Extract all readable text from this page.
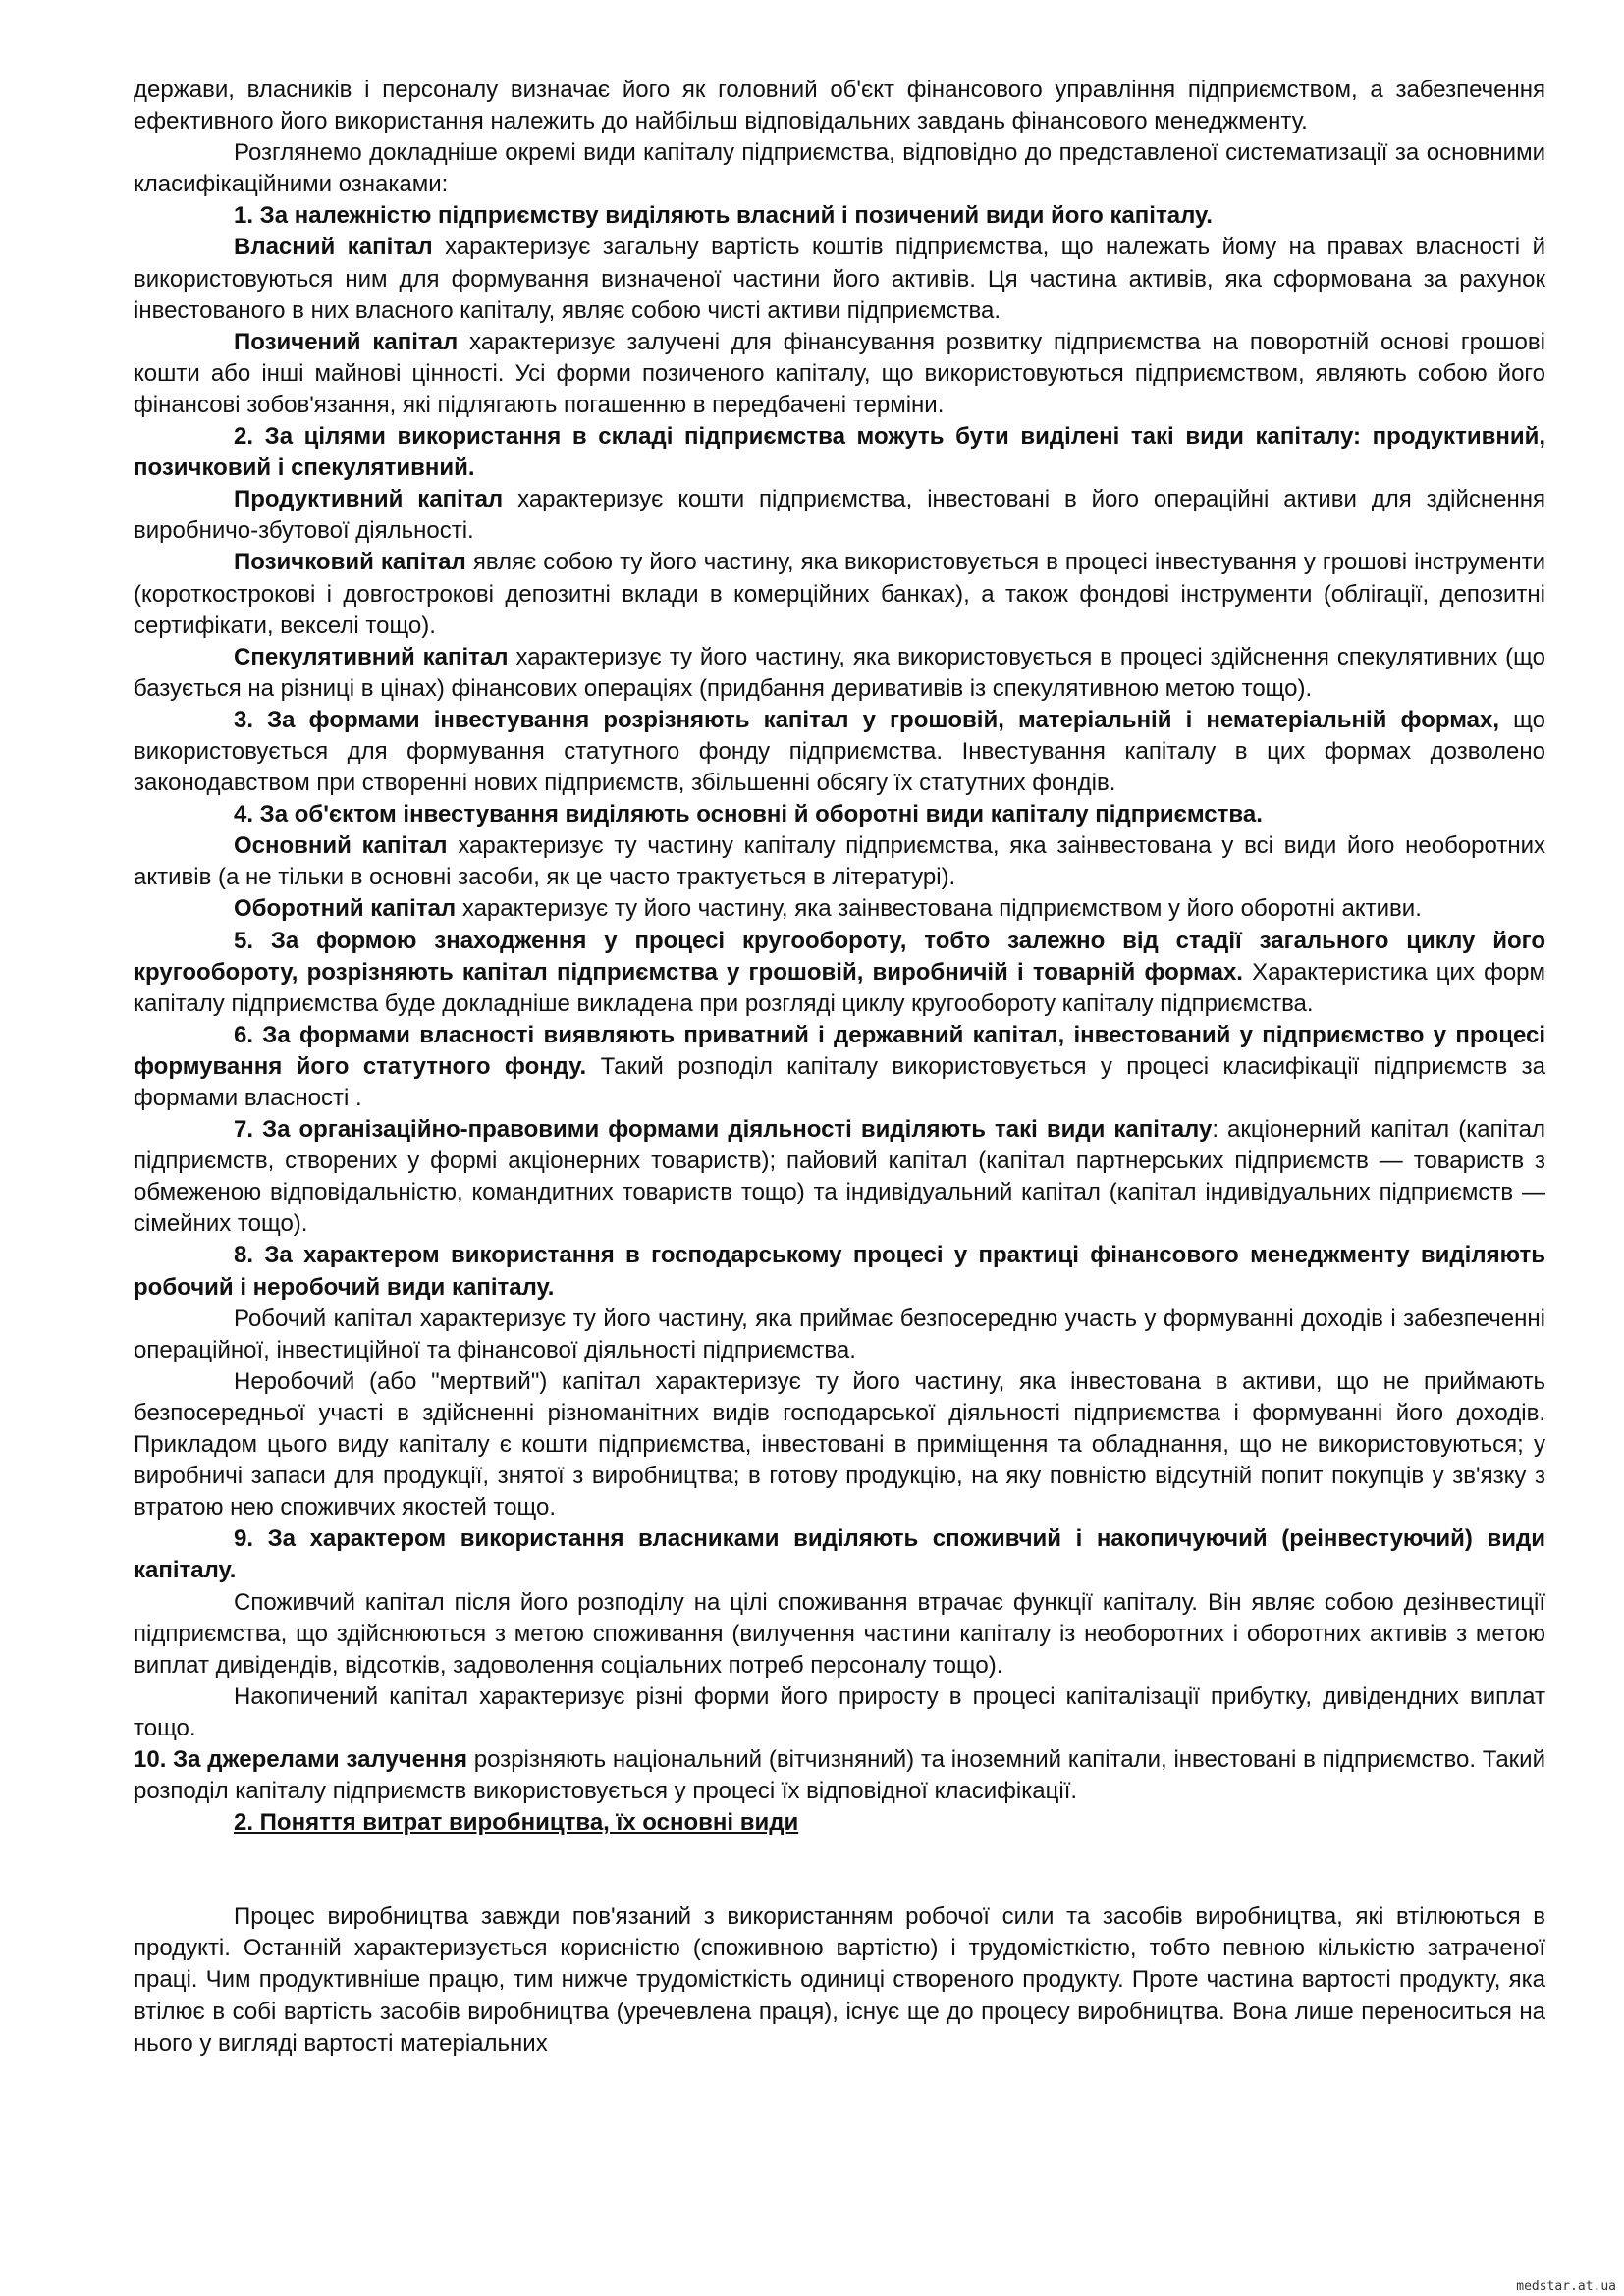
держави, власників і персоналу визначає його як головний об'єкт фінансового управління підприємством, а забезпечення ефективного його використання належить до найбільш відповідальних завдань фінансового менеджменту.

Розглянемо докладніше окремі види капіталу підприємства, відповідно до представленої систематизації за основними класифікаційними ознаками:

1. За належністю підприємству виділяють власний і позичений види його капіталу.

Власний капітал характеризує загальну вартість коштів підприємства, що належать йому на правах власності й використовуються ним для формування визначеної частини його активів. Ця частина активів, яка сформована за рахунок інвестованого в них власного капіталу, являє собою чисті активи підприємства.

Позичений капітал характеризує залучені для фінансування розвитку підприємства на поворотній основі грошові кошти або інші майнові цінності. Усі форми позиченого капіталу, що використовуються підприємством, являють собою його фінансові зобов'язання, які підлягають погашенню в передбачені терміни.

2. За цілями використання в складі підприємства можуть бути виділені такі види капіталу: продуктивний, позичковий і спекулятивний.

Продуктивний капітал характеризує кошти підприємства, інвестовані в його операційні активи для здійснення виробничо-збутової діяльності.

Позичковий капітал являє собою ту його частину, яка використовується в процесі інвестування у грошові інструменти (короткострокові і довгострокові депозитні вклади в комерційних банках), а також фондові інструменти (облігації, депозитні сертифікати, векселі тощо).

Спекулятивний капітал характеризує ту його частину, яка використовується в процесі здійснення спекулятивних (що базується на різниці в цінах) фінансових операціях (придбання деривативів із спекулятивною метою тощо).

3. За формами інвестування розрізняють капітал у грошовій, матеріальній і нематеріальній формах, що використовується для формування статутного фонду підприємства. Інвестування капіталу в цих формах дозволено законодавством при створенні нових підприємств, збільшенні обсягу їх статутних фондів.

4. За об'єктом інвестування виділяють основні й оборотні види капіталу підприємства.

Основний капітал характеризує ту частину капіталу підприємства, яка заінвестована у всі види його необоротних активів (а не тільки в основні засоби, як це часто трактується в літературі).

Оборотний капітал характеризує ту його частину, яка заінвестована підприємством у його оборотні активи.

5. За формою знаходження у процесі кругообороту, тобто залежно від стадії загального циклу його кругообороту, розрізняють капітал підприємства у грошовій, виробничій і товарній формах. Характеристика цих форм капіталу підприємства буде докладніше викладена при розгляді циклу кругообороту капіталу підприємства.

6. За формами власності виявляють приватний і державний капітал, інвестований у підприємство у процесі формування його статутного фонду. Такий розподіл капіталу використовується у процесі класифікації підприємств за формами власності .

7. За організаційно-правовими формами діяльності виділяють такі види капіталу: акціонерний капітал (капітал підприємств, створених у формі акціонерних товариств); пайовий капітал (капітал партнерських підприємств — товариств з обмеженою відповідальністю, командитних товариств тощо) та індивідуальний капітал (капітал індивідуальних підприємств — сімейних тощо).

8. За характером використання в господарському процесі у практиці фінансового менеджменту виділяють робочий і неробочий види капіталу.

Робочий капітал характеризує ту його частину, яка приймає безпосередню участь у формуванні доходів і забезпеченні операційної, інвестиційної та фінансової діяльності підприємства.

Неробочий (або "мертвий") капітал характеризує ту його частину, яка інвестована в активи, що не приймають безпосередньої участі в здійсненні різноманітних видів господарської діяльності підприємства і формуванні його доходів. Прикладом цього виду капіталу є кошти підприємства, інвестовані в приміщення та обладнання, що не використовуються; у виробничі запаси для продукції, знятої з виробництва; в готову продукцію, на яку повністю відсутній попит покупців у зв'язку з втратою нею споживчих якостей тощо.

9. За характером використання власниками виділяють споживчий і накопичуючий (реінвестуючий) види капіталу.

Споживчий капітал після його розподілу на цілі споживання втрачає функції капіталу. Він являє собою дезінвестиції підприємства, що здійснюються з метою споживання (вилучення частини капіталу із необоротних і оборотних активів з метою виплат дивідендів, відсотків, задоволення соціальних потреб персоналу тощо).

Накопичений капітал характеризує різні форми його приросту в процесі капіталізації прибутку, дивідендних виплат тощо.

10. За джерелами залучення розрізняють національний (вітчизняний) та іноземний капітали, інвестовані в підприємство. Такий розподіл капіталу підприємств використовується у процесі їх відповідної класифікації.

2. Поняття витрат виробництва, їх основні види

Процес виробництва завжди пов'язаний з використанням робочої сили та засобів виробництва, які втілюються в продукті. Останній характеризується корисністю (споживною вартістю) і трудомісткістю, тобто певною кількістю затраченої праці. Чим продуктивніше працю, тим нижче трудомісткість одиниці створеного продукту. Проте частина вартості продукту, яка втілює в собі вартість засобів виробництва (уречевлена праця), існує ще до процесу виробництва. Вона лише переноситься на нього у вигляді вартості матеріальних

medstar.at.ua
